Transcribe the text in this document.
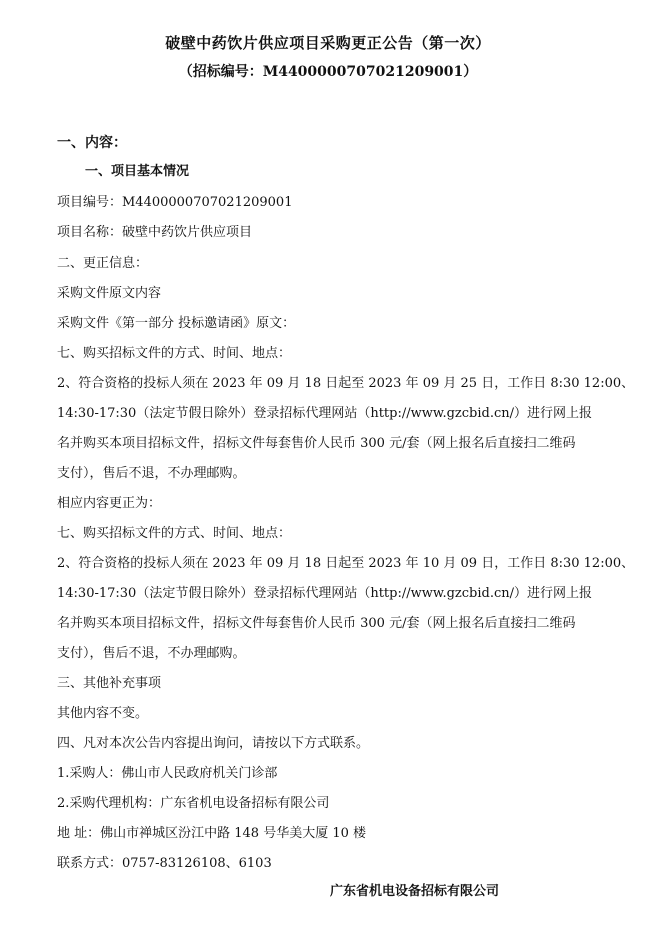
破壁中药饮片供应项目采购更正公告（第一次）
（招标编号：M4400000707021209001）
一、内容：
一、项目基本情况
项目编号：M4400000707021209001
项目名称：破壁中药饮片供应项目
二、更正信息：
采购文件原文内容
采购文件《第一部分 投标邀请函》原文：
七、购买招标文件的方式、时间、地点：
2、符合资格的投标人须在 2023 年 09 月 18 日起至 2023 年 09 月 25 日，工作日 8:30 12:00、
14:30-17:30（法定节假日除外）登录招标代理网站（http://www.gzcbid.cn/）进行网上报
名并购买本项目招标文件，招标文件每套售价人民币 300 元/套（网上报名后直接扫二维码
支付），售后不退，不办理邮购。
相应内容更正为：
七、购买招标文件的方式、时间、地点：
2、符合资格的投标人须在 2023 年 09 月 18 日起至 2023 年 10 月 09 日，工作日 8:30 12:00、
14:30-17:30（法定节假日除外）登录招标代理网站（http://www.gzcbid.cn/）进行网上报
名并购买本项目招标文件，招标文件每套售价人民币 300 元/套（网上报名后直接扫二维码
支付），售后不退，不办理邮购。
三、其他补充事项
其他内容不变。
四、凡对本次公告内容提出询问，请按以下方式联系。
1.采购人：佛山市人民政府机关门诊部
2.采购代理机构：广东省机电设备招标有限公司
地 址：佛山市禅城区汾江中路 148 号华美大厦 10 楼
联系方式：0757-83126108、6103
广东省机电设备招标有限公司
